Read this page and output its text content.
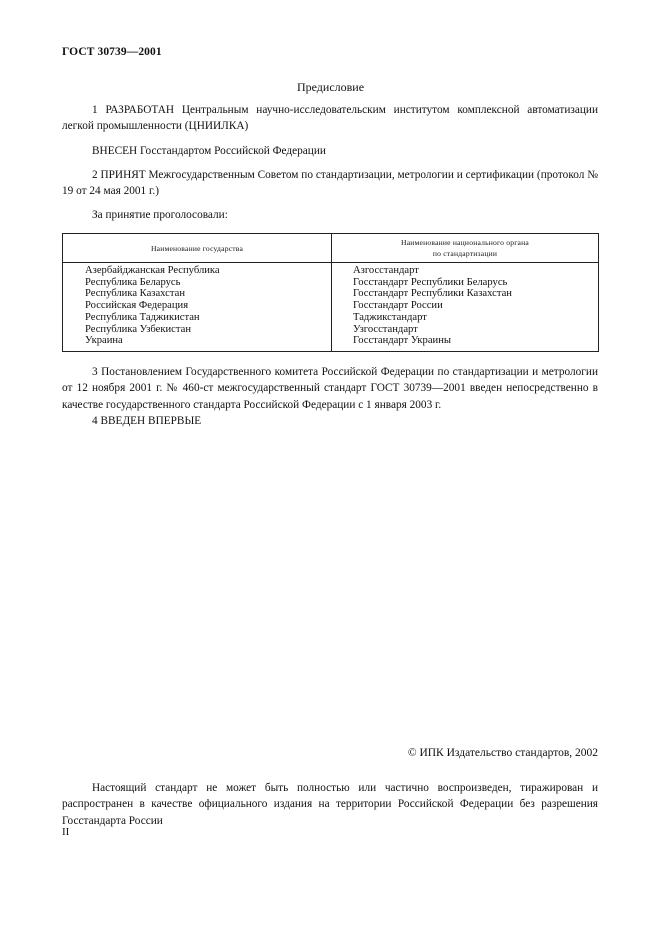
ГОСТ 30739—2001
Предисловие
1 РАЗРАБОТАН Центральным научно-исследовательским институтом комплексной автоматизации легкой промышленности (ЦНИИЛКА)
ВНЕСЕН Госстандартом Российской Федерации
2 ПРИНЯТ Межгосударственным Советом по стандартизации, метрологии и сертификации (протокол № 19 от 24 мая 2001 г.)
За принятие проголосовали:
Наименование государства
Наименование национального органа
по стандартизации
Азербайджанская Республика
Республика Беларусь
Республика Казахстан
Российская Федерация
Республика Таджикистан
Республика Узбекистан
Украина
Азгосстандарт
Госстандарт Республики Беларусь
Госстандарт Республики Казахстан
Госстандарт России
Таджикстандарт
Узгосстандарт
Госстандарт Украины
3 Постановлением Государственного комитета Российской Федерации по стандартизации и метрологии от 12 ноября 2001 г. № 460-ст межгосударственный стандарт ГОСТ 30739—2001 введен непосредственно в качестве государственного стандарта Российской Федерации с 1 января 2003 г.
4 ВВЕДЕН ВПЕРВЫЕ
© ИПК Издательство стандартов, 2002
Настоящий стандарт не может быть полностью или частично воспроизведен, тиражирован и распространен в качестве официального издания на территории Российской Федерации без разрешения Госстандарта России
II
